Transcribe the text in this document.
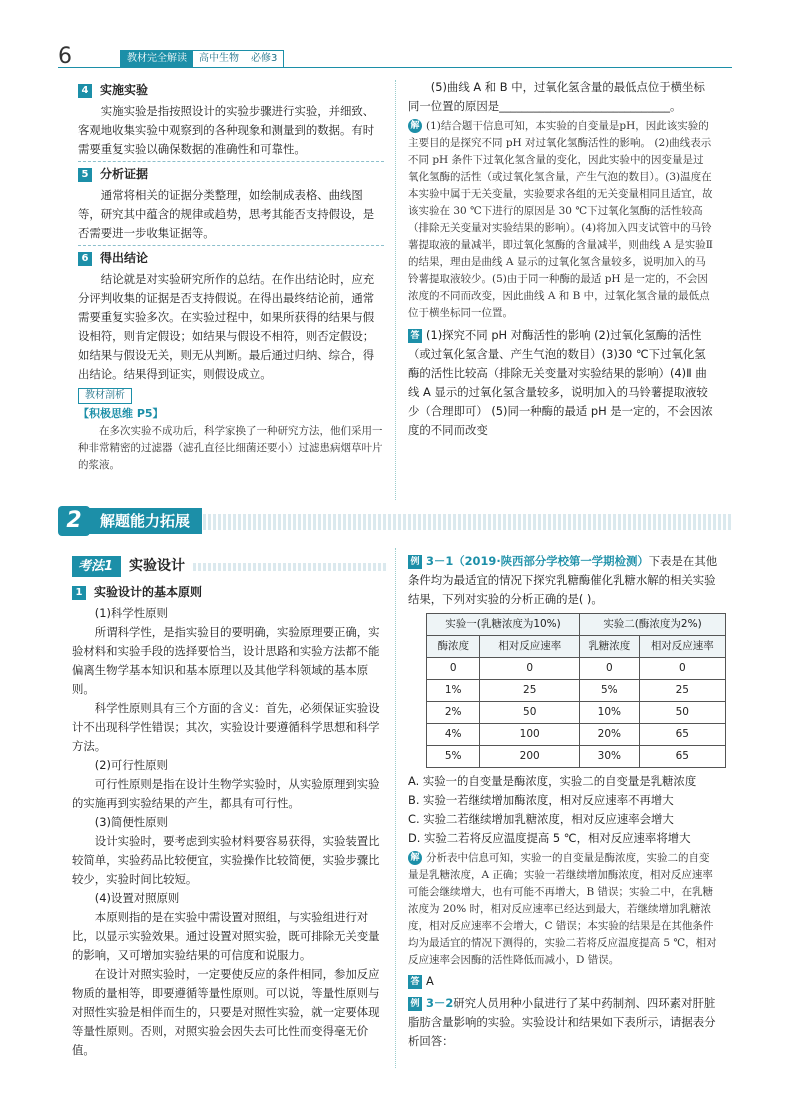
6	教材完全解读	高中生物	必修3
4 实施实验

实施实验是指按照设计的实验步骤进行实验，并细致、客观地收集实验中观察到的各种现象和测量到的数据。有时需要重复实验以确保数据的准确性和可靠性。

5 分析证据

通常将相关的证据分类整理，如绘制成表格、曲线图等，研究其中蕴含的规律或趋势，思考其能否支持假设，是否需要进一步收集证据等。

6 得出结论

结论就是对实验研究所作的总结。在作出结论时，应充分评判收集的证据是否支持假说。在得出最终结论前，通常需要重复实验多次。在实验过程中，如果所获得的结果与假设相符，则肯定假设；如结果与假设不相符，则否定假设；如结果与假设无关，则无从判断。最后通过归纳、综合，得出结论。结果得到证实，则假设成立。

教材剖析
【积极思维 P5】

在多次实验不成功后，科学家换了一种研究方法，他们采用一种非常精密的过滤器（滤孔直径比细菌还要小）过滤患病烟草叶片的浆液。

(5)曲线 A 和 B 中，过氧化氢含量的最低点位于横坐标同一位置的原因是______________________________。

解 (1)结合题干信息可知，本实验的自变量是pH，因此该实验的主要目的是探究不同 pH 对过氧化氢酶活性的影响。 (2)曲线表示不同 pH 条件下过氧化氢含量的变化，因此实验中的因变量是过氧化氢酶的活性（或过氧化氢含量，产生气泡的数目）。(3)温度在本实验中属于无关变量，实验要求各组的无关变量相同且适宜，故该实验在 30 ℃下进行的原因是 30 ℃下过氧化氢酶的活性较高（排除无关变量对实验结果的影响）。(4)将加入四支试管中的马铃薯提取液的量减半，即过氧化氢酶的含量减半，则曲线 A 是实验Ⅱ的结果，理由是曲线 A 显示的过氧化氢含量较多，说明加入的马铃薯提取液较少。(5)由于同一种酶的最适 pH 是一定的，不会因浓度的不同而改变，因此曲线 A 和 B 中，过氧化氢含量的最低点位于横坐标同一位置。
答 (1)探究不同 pH 对酶活性的影响 (2)过氧化氢酶的活性（或过氧化氢含量、产生气泡的数目）(3)30 ℃下过氧化氢酶的活性比较高（排除无关变量对实验结果的影响）(4)Ⅱ 曲线 A 显示的过氧化氢含量较多，说明加入的马铃薯提取液较少（合理即可） (5)同一种酶的最适 pH 是一定的，不会因浓度的不同而改变
2	解题能力拓展
考法1	实验设计
1 实验设计的基本原则

(1)科学性原则

所谓科学性，是指实验目的要明确，实验原理要正确，实验材料和实验手段的选择要恰当，设计思路和实验方法都不能偏离生物学基本知识和基本原理以及其他学科领域的基本原则。

科学性原则具有三个方面的含义：首先，必须保证实验设计不出现科学性错误；其次，实验设计要遵循科学思想和科学方法。

(2)可行性原则

可行性原则是指在设计生物学实验时，从实验原理到实验的实施再到实验结果的产生，都具有可行性。

(3)简便性原则

设计实验时，要考虑到实验材料要容易获得，实验装置比较简单，实验药品比较便宜，实验操作比较简便，实验步骤比较少，实验时间比较短。

(4)设置对照原则

本原则指的是在实验中需设置对照组，与实验组进行对比，以显示实验效果。通过设置对照实验，既可排除无关变量的影响，又可增加实验结果的可信度和说服力。

在设计对照实验时，一定要使反应的条件相同，参加反应物质的量相等，即要遵循等量性原则。可以说，等量性原则与对照性实验是相伴而生的，只要是对照性实验，就一定要体现等量性原则。否则，对照实验会因失去可比性而变得毫无价值。

例 3－1（2019·陕西部分学校第一学期检测）下表是在其他条件均为最适宜的情况下探究乳糖酶催化乳糖水解的相关实验结果，下列对实验的分析正确的是( )。

实验一(乳糖浓度为10%)		实验二(酶浓度为2%)	
酶浓度	相对反应速率	乳糖浓度	相对反应速率
0	0	0	0
1%	25	5%	25
2%	50	10%	50
4%	100	20%	65
5%	200	30%	65

A. 实验一的自变量是酶浓度，实验二的自变量是乳糖浓度

B. 实验一若继续增加酶浓度，相对反应速率不再增大

C. 实验二若继续增加乳糖浓度，相对反应速率会增大

D. 实验二若将反应温度提高 5 ℃，相对反应速率将增大

解 分析表中信息可知，实验一的自变量是酶浓度，实验二的自变量是乳糖浓度，A 正确；实验一若继续增加酶浓度，相对反应速率可能会继续增大，也有可能不再增大，B 错误；实验二中，在乳糖浓度为 20% 时，相对反应速率已经达到最大，若继续增加乳糖浓度，相对反应速率不会增大，C 错误；本实验的结果是在其他条件均为最适宜的情况下测得的，实验二若将反应温度提高 5 ℃，相对反应速率会因酶的活性降低而减小，D 错误。
答 A

例 3－2研究人员用种小鼠进行了某中药制剂、四环素对肝脏脂肪含量影响的实验。实验设计和结果如下表所示，请据表分析回答：
